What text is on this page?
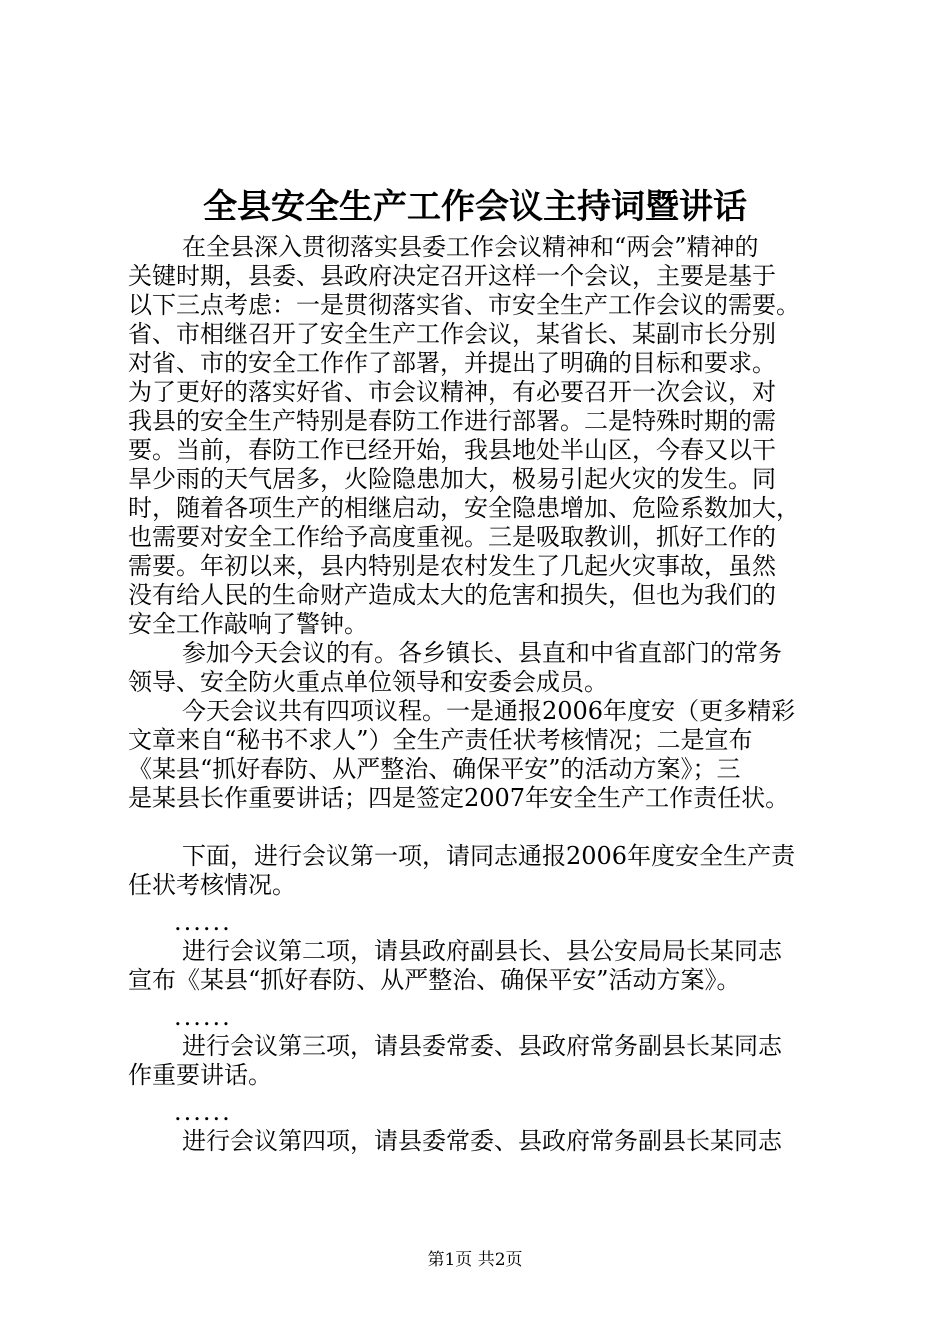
全县安全生产工作会议主持词暨讲话
在全县深入贯彻落实县委工作会议精神和“两会”精神的
关键时期，县委、县政府决定召开这样一个会议，主要是基于
以下三点考虑：一是贯彻落实省、市安全生产工作会议的需要。
省、市相继召开了安全生产工作会议，某省长、某副市长分别
对省、市的安全工作作了部署，并提出了明确的目标和要求。
为了更好的落实好省、市会议精神，有必要召开一次会议，对
我县的安全生产特别是春防工作进行部署。二是特殊时期的需
要。当前，春防工作已经开始，我县地处半山区，今春又以干
旱少雨的天气居多，火险隐患加大，极易引起火灾的发生。同
时，随着各项生产的相继启动，安全隐患增加、危险系数加大，
也需要对安全工作给予高度重视。三是吸取教训，抓好工作的
需要。年初以来，县内特别是农村发生了几起火灾事故，虽然
没有给人民的生命财产造成太大的危害和损失，但也为我们的
安全工作敲响了警钟。
参加今天会议的有。各乡镇长、县直和中省直部门的常务
领导、安全防火重点单位领导和安委会成员。
今天会议共有四项议程。一是通报2006年度安（更多精彩
文章来自“秘书不求人”）全生产责任状考核情况；二是宣布
《某县“抓好春防、从严整治、确保平安”的活动方案》；三
是某县长作重要讲话；四是签定2007年安全生产工作责任状。
下面，进行会议第一项，请同志通报2006年度安全生产责
任状考核情况。
......
进行会议第二项，请县政府副县长、县公安局局长某同志
宣布《某县“抓好春防、从严整治、确保平安”活动方案》。
......
进行会议第三项，请县委常委、县政府常务副县长某同志
作重要讲话。
......
进行会议第四项，请县委常委、县政府常务副县长某同志
第1页 共2页
